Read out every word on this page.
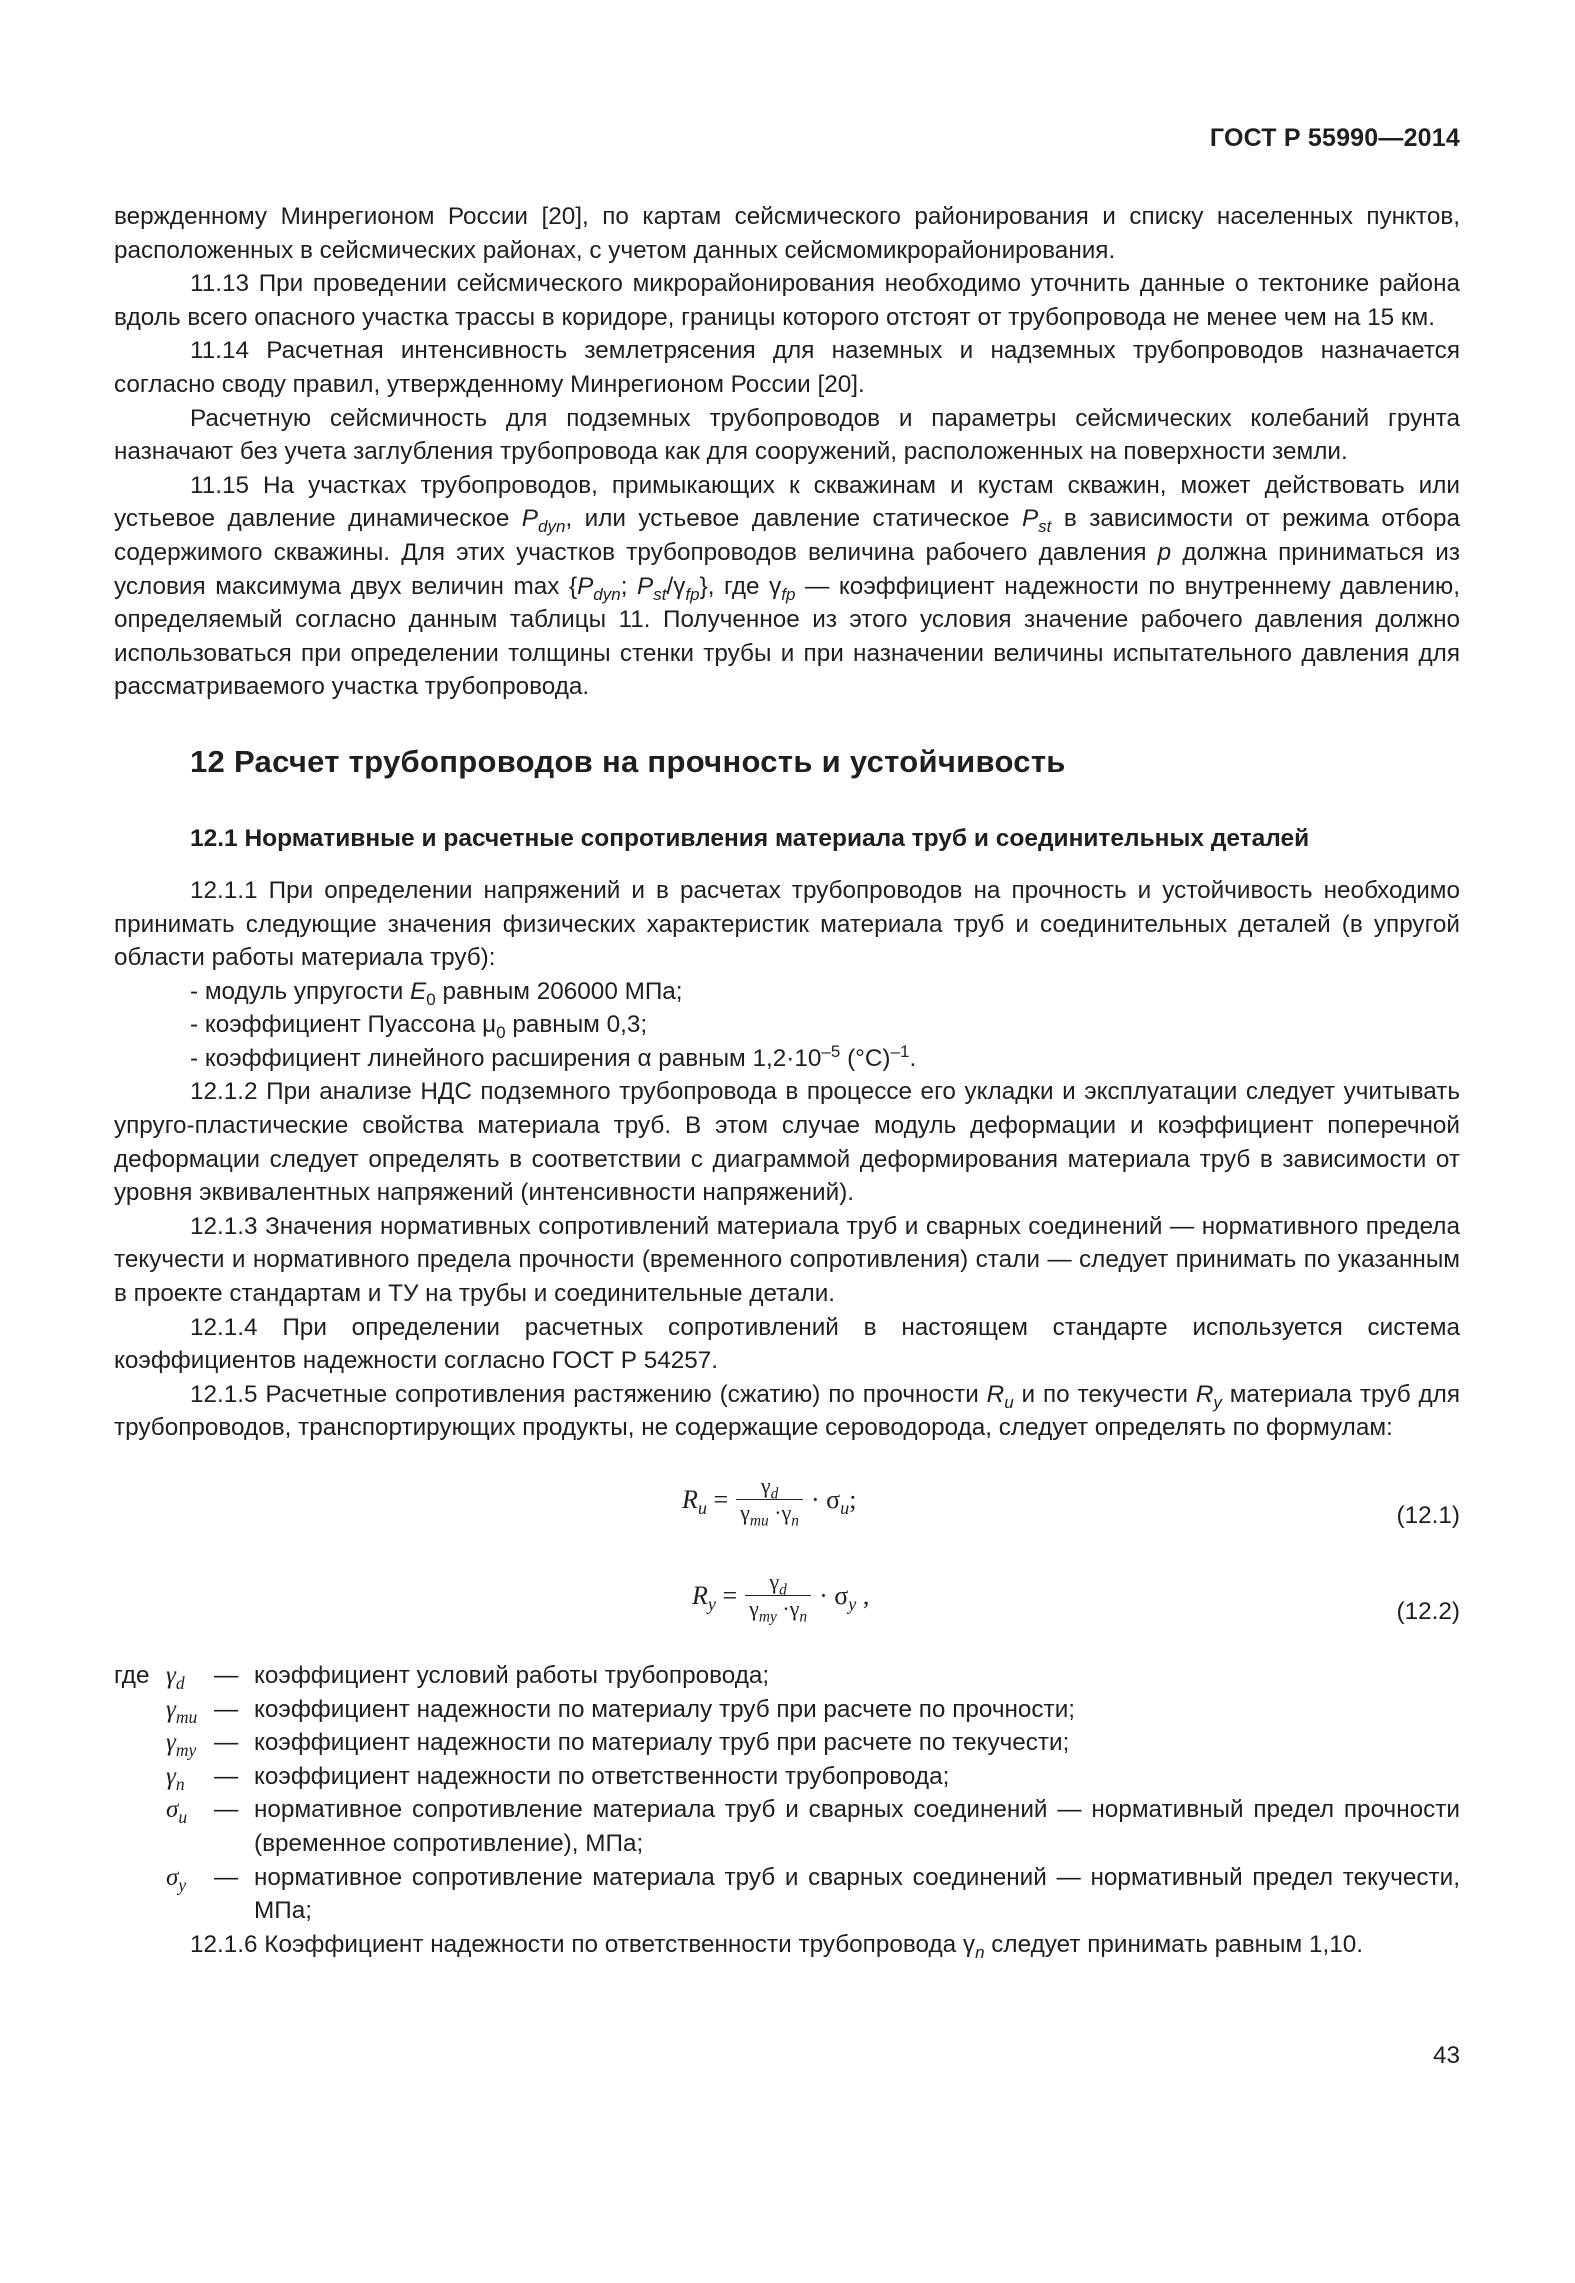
ГОСТ Р 55990—2014

верждeнному Минрегионом России [20], по картам сейсмического районирования и списку населенных пунктов, расположенных в сейсмических районах, с учетом данных сейсмомикрорайонирования.

11.13 При проведении сейсмического микрорайонирования необходимо уточнить данные о тектонике района вдоль всего опасного участка трассы в коридоре, границы которого отстоят от трубопровода не менее чем на 15 км.

11.14 Расчетная интенсивность землетрясения для наземных и надземных трубопроводов назначается согласно своду правил, утвержденному Минрегионом России [20].

Расчетную сейсмичность для подземных трубопроводов и параметры сейсмических колебаний грунта назначают без учета заглубления трубопровода как для сооружений, расположенных на поверхности земли.

11.15 На участках трубопроводов, примыкающих к скважинам и кустам скважин, может действовать или устьевое давление динамическое $P_{dyn}$, или устьевое давление статическое $P_{st}$ в зависимости от режима отбора содержимого скважины. Для этих участков трубопроводов величина рабочего давления p должна приниматься из условия максимума двух величин $\max \{P_{dyn}$; $P_{st}/\gamma_{fp}$}, где $\gamma_{fp}$ — коэффициент надежности по внутреннему давлению, определяемый согласно данным таблицы 11. Полученное из этого условия значение рабочего давления должно использоваться при определении толщины стенки трубы и при назначении величины испытательного давления для рассматриваемого участка трубопровода.

12 Расчет трубопроводов на прочность и устойчивость
12.1 Нормативные и расчетные сопротивления материала труб и соединительных деталей

12.1.1 При определении напряжений и в расчетах трубопроводов на прочность и устойчивость необходимо принимать следующие значения физических характеристик материала труб и соединительных деталей (в упругой области работы материала труб):

- модуль упругости $E_0$ равным 206000 МПа;

- коэффициент Пуассона $\mu_0$ равным 0,3;

- коэффициент линейного расширения α равным $1,2\cdot 10^{-5}$ $(^\circ С)^{-1}$.

12.1.2 При анализе НДС подземного трубопровода в процессе его укладки и эксплуатации следует учитывать упруго-пластические свойства материала труб. В этом случае модуль деформации и коэффициент поперечной деформации следует определять в соответствии с диаграммой деформирования материала труб в зависимости от уровня эквивалентных напряжений (интенсивности напряжений).

12.1.3 Значения нормативных сопротивлений материала труб и сварных соединений — нормативного предела текучести и нормативного предела прочности (временного сопротивления) стали — следует принимать по указанным в проекте стандартам и ТУ на трубы и соединительные детали.

12.1.4 При определении расчетных сопротивлений в настоящем стандарте используется система коэффициентов надежности согласно ГОСТ Р 54257.

12.1.5 Расчетные сопротивления растяжению (сжатию) по прочности $R_u$ и по текучести $R_y$ материала труб для трубопроводов, транспортирующих продукты, не содержащие сероводорода, следует определять по формулам:

$R_u = \frac{\gamma_d}{\gamma_{mu} \cdot\gamma_n} \cdot \sigma_u$;
(12.1)
$R_y = \frac{\gamma_d}{\gamma_{my} \cdot\gamma_n} \cdot \sigma_y$ ,
(12.2)
где $\gamma_d$	— коэффициент условий работы трубопровода;
$\gamma_{mu}$ — коэффициент надежности по материалу труб при расчете по прочности;
$\gamma_{my}$ — коэффициент надежности по материалу труб при расчете по текучести;
$\gamma_n$	— коэффициент надежности по ответственности трубопровода;
$\sigma_u$	— нормативное сопротивление материала труб и сварных соединений — нормативный предел прочности (временное сопротивление), МПа;
$\sigma_y$	— нормативное сопротивление материала труб и сварных соединений — нормативный предел текучести, МПа;

12.1.6 Коэффициент надежности по ответственности трубопровода $\gamma_n$ следует принимать равным 1,10.

43
